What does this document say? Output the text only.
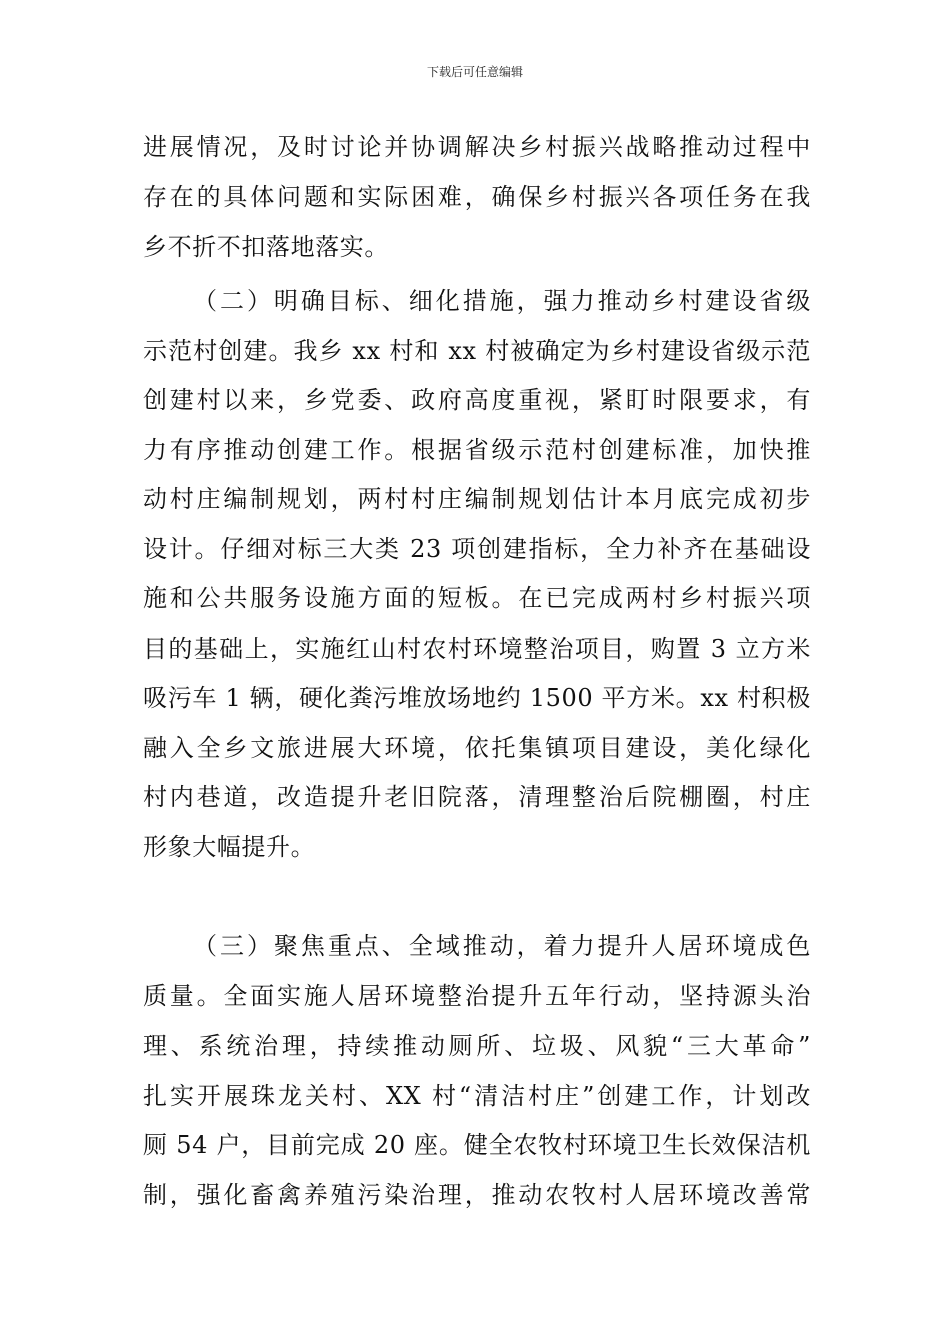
下载后可任意编辑
进展情况，及时讨论并协调解决乡村振兴战略推动过程中
存在的具体问题和实际困难，确保乡村振兴各项任务在我
乡不折不扣落地落实。
（二）明确目标、细化措施，强力推动乡村建设省级
示范村创建。我乡 xx 村和 xx 村被确定为乡村建设省级示范
创建村以来，乡党委、政府高度重视，紧盯时限要求，有
力有序推动创建工作。根据省级示范村创建标准，加快推
动村庄编制规划，两村村庄编制规划估计本月底完成初步
设计。仔细对标三大类 23 项创建指标，全力补齐在基础设
施和公共服务设施方面的短板。在已完成两村乡村振兴项
目的基础上，实施红山村农村环境整治项目，购置 3 立方米
吸污车 1 辆，硬化粪污堆放场地约 1500 平方米。xx 村积极
融入全乡文旅进展大环境，依托集镇项目建设，美化绿化
村内巷道，改造提升老旧院落，清理整治后院棚圈，村庄
形象大幅提升。
（三）聚焦重点、全域推动，着力提升人居环境成色
质量。全面实施人居环境整治提升五年行动，坚持源头治
理、系统治理，持续推动厕所、垃圾、风貌“三大革命”
扎实开展珠龙关村、XX 村“清洁村庄”创建工作，计划改
厕 54 户，目前完成 20 座。健全农牧村环境卫生长效保洁机
制，强化畜禽养殖污染治理，推动农牧村人居环境改善常
